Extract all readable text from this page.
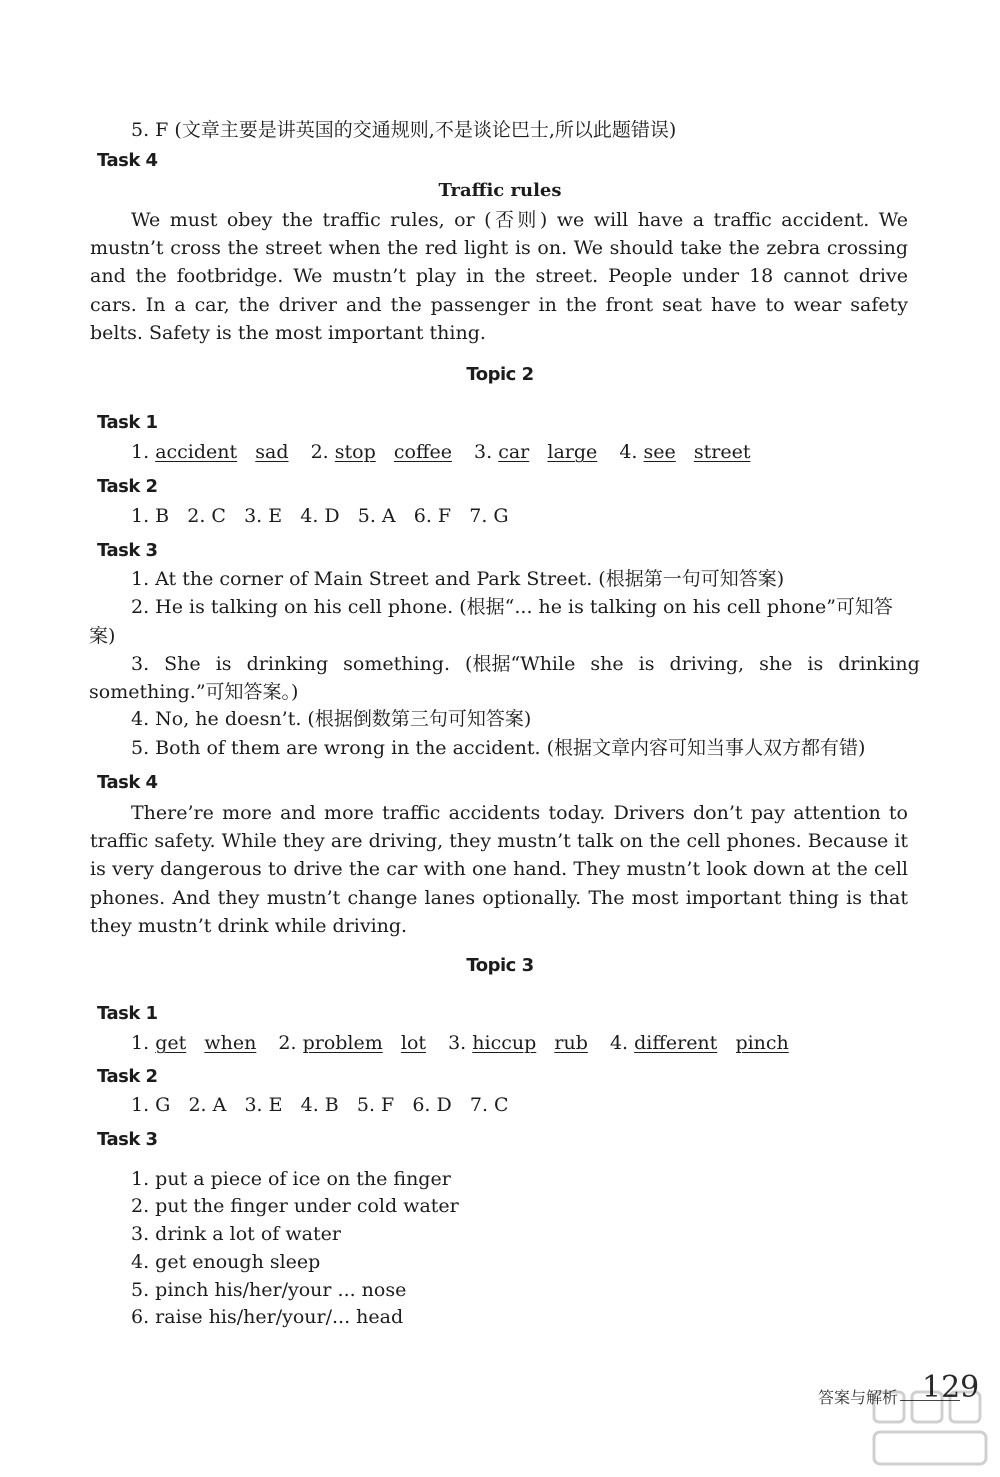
5. F (文章主要是讲英国的交通规则,不是谈论巴士,所以此题错误)
Task 4
Traffic rules
We must obey the traffic rules, or (否则) we will have a traffic accident. We mustn’t cross the street when the red light is on. We should take the zebra crossing and the footbridge. We mustn’t play in the street. People under 18 cannot drive cars. In a car, the driver and the passenger in the front seat have to wear safety belts. Safety is the most important thing.
Topic 2
Task 1
1. accident sad 2. stop coffee 3. car large 4. see street
Task 2
1. B   2. C   3. E   4. D   5. A   6. F   7. G
Task 3
1. At the corner of Main Street and Park Street. (根据第一句可知答案)
2. He is talking on his cell phone. (根据“... he is talking on his cell phone”可知答
案)
3. She is drinking something. (根据“While she is driving, she is drinking
something.”可知答案。)
4. No, he doesn’t. (根据倒数第三句可知答案)
5. Both of them are wrong in the accident. (根据文章内容可知当事人双方都有错)
Task 4
There’re more and more traffic accidents today. Drivers don’t pay attention to traffic safety. While they are driving, they mustn’t talk on the cell phones. Because it is very dangerous to drive the car with one hand. They mustn’t look down at the cell phones. And they mustn’t change lanes optionally. The most important thing is that they mustn’t drink while driving.
Topic 3
Task 1
1. get when 2. problem lot 3. hiccup rub 4. different pinch
Task 2
1. G   2. A   3. E   4. B   5. F   6. D   7. C
Task 3
1. put a piece of ice on the finger
2. put the finger under cold water
3. drink a lot of water
4. get enough sleep
5. pinch his/her/your ... nose
6. raise his/her/your/... head
答案与解析 129
